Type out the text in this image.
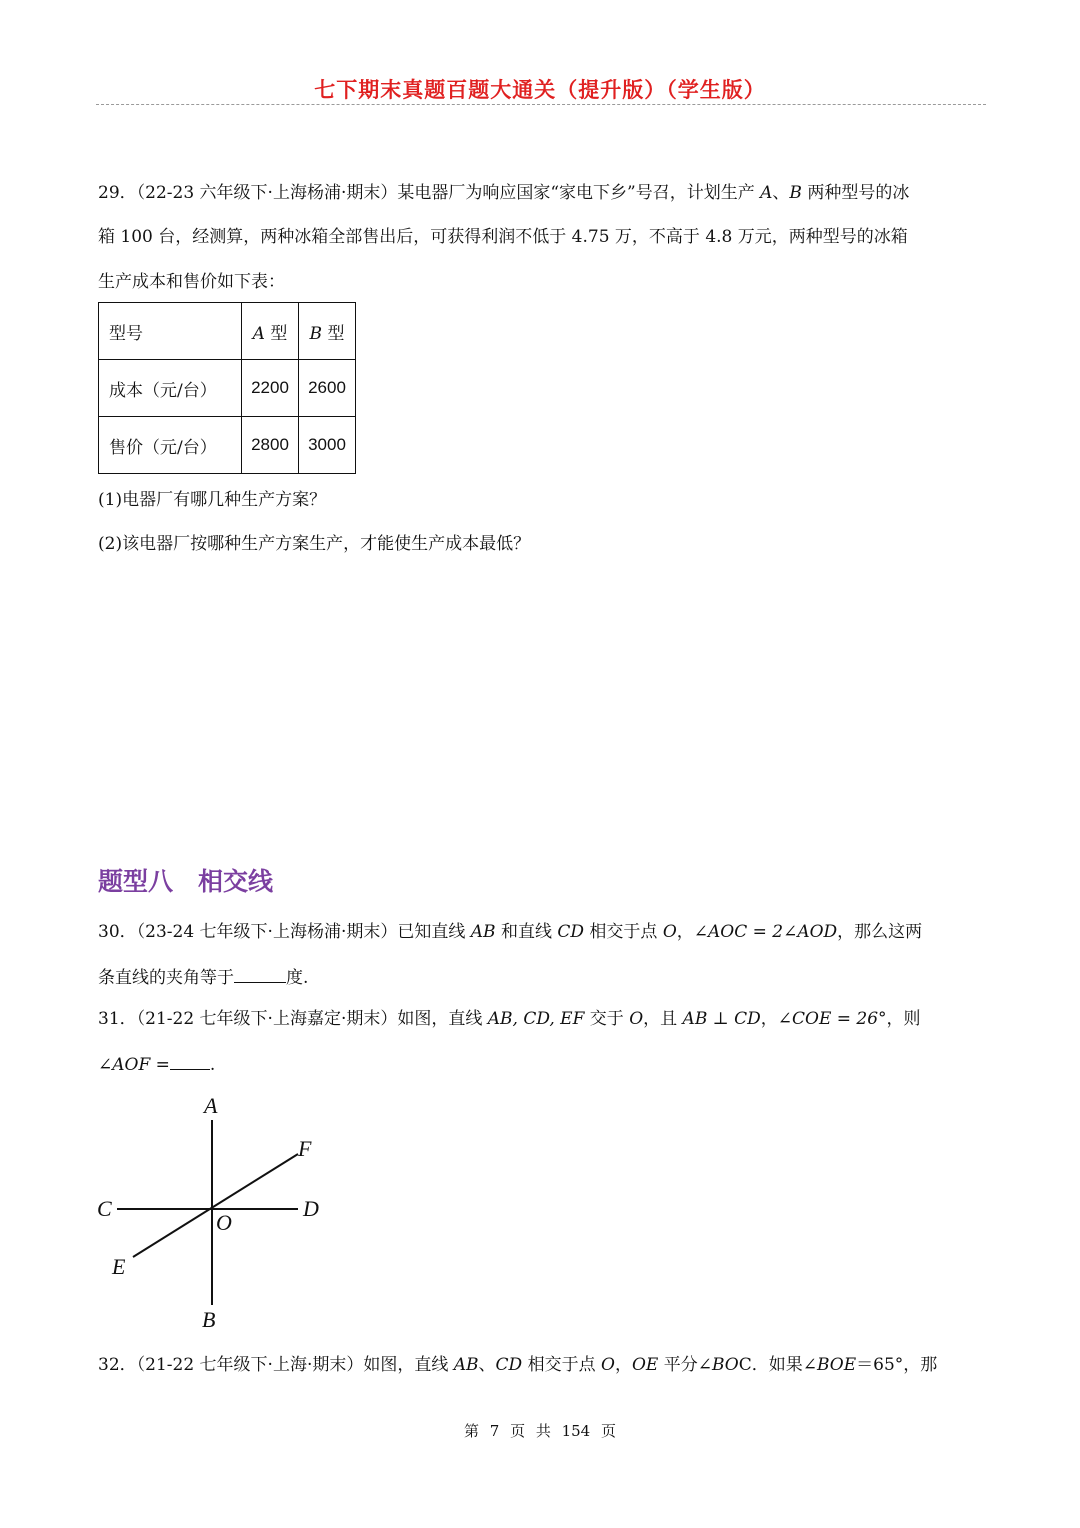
七下期末真题百题大通关（提升版）（学生版）
29．（22-23 六年级下·上海杨浦·期末）某电器厂为响应国家“家电下乡”号召，计划生产 A、B 两种型号的冰
箱 100 台，经测算，两种冰箱全部售出后，可获得利润不低于 4.75 万，不高于 4.8 万元，两种型号的冰箱
生产成本和售价如下表：
型号	A 型	B 型
成本（元/台）	2200	2600
售价（元/台）	2800	3000
(1)电器厂有哪几种生产方案？
(2)该电器厂按哪种生产方案生产，才能使生产成本最低？
题型八　相交线
30．（23-24 七年级下·上海杨浦·期末）已知直线 AB 和直线 CD 相交于点 O，∠AOC = 2∠AOD，那么这两
条直线的夹角等于	度.
31．（21-22 七年级下·上海嘉定·期末）如图，直线 AB, CD, EF 交于 O，且 AB ⊥ CD，∠COE = 26°，则
∠AOF = .
A
B
C	D
E
F
O
32．（21-22 七年级下·上海·期末）如图，直线 AB、CD 相交于点 O，OE 平分∠BOC．如果∠BOE＝65°，那
第 7 页 共 154 页
